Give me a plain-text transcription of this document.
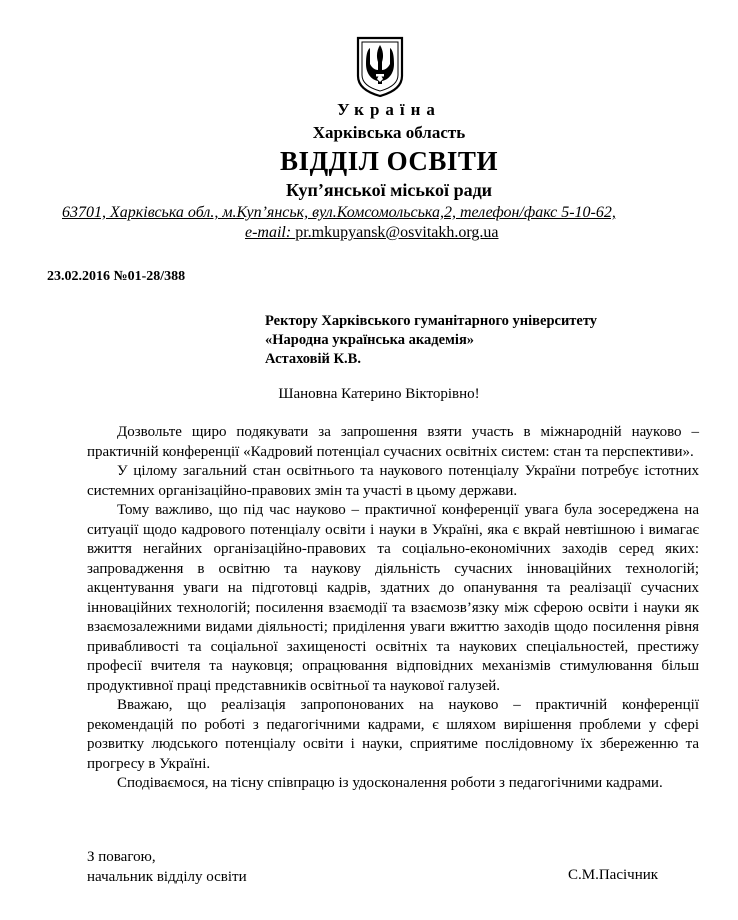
Україна
Харківська область
ВІДДІЛ ОСВІТИ
Куп’янської міської ради
63701, Харківська обл., м.Куп’янськ, вул.Комсомольська,2, телефон/факс 5-10-62,
e-mail: pr.mkupyansk@osvitakh.org.ua
23.02.2016 №01-28/388
Ректору Харківського гуманітарного університету
«Народна українська академія»
Астаховій К.В.
Шановна Катерино Вікторівно!

Дозвольте щиро подякувати за запрошення взяти участь в міжнародній науково – практичній конференції «Кадровий потенціал сучасних освітніх систем: стан та перспективи».

У цілому загальний стан освітнього та наукового потенціалу України потребує істотних системних організаційно-правових змін та участі в цьому держави.

Тому важливо, що під час науково – практичної конференції увага була зосереджена на ситуації щодо кадрового потенціалу освіти і науки в Україні, яка є вкрай невтішною і вимагає вжиття негайних організаційно-правових та соціально-економічних заходів серед яких: запровадження в освітню та наукову діяльність сучасних інноваційних технологій; акцентування уваги на підготовці кадрів, здатних до опанування та реалізації сучасних інноваційних технологій; посилення взаємодії та взаємозв’язку між сферою освіти і науки як взаємозалежними видами діяльності; приділення уваги вжиттю заходів щодо посилення рівня привабливості та соціальної захищеності освітніх та наукових спеціальностей, престижу професії вчителя та науковця; опрацювання відповідних механізмів стимулювання більш продуктивної праці представників освітньої та наукової галузей.

Вважаю, що реалізація запропонованих на науково – практичній конференції рекомендацій по роботі з педагогічними кадрами, є шляхом вирішення проблеми у сфері розвитку людського потенціалу освіти і науки, сприятиме послідовному їх збереженню та прогресу в Україні.

Сподіваємося, на тісну співпрацю із удосконалення роботи з педагогічними кадрами.

З повагою,
начальник відділу освіти	С.М.Пасічник
